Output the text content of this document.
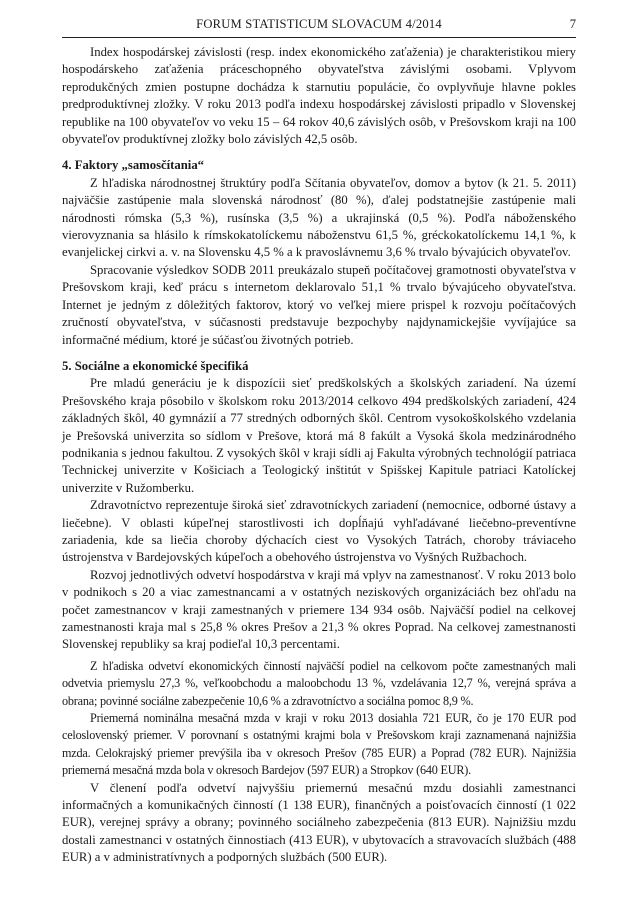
FORUM STATISTICUM SLOVACUM 4/2014	7

Index hospodárskej závislosti (resp. index ekonomického zaťaženia) je charakteristikou miery hospodárskeho zaťaženia práceschopného obyvateľstva závislými osobami. Vplyvom reprodukčných zmien postupne dochádza k starnutiu populácie, čo ovplyvňuje hlavne pokles predproduktívnej zložky. V roku 2013 podľa indexu hospodárskej závislosti pripadlo v Slovenskej republike na 100 obyvateľov vo veku 15 – 64 rokov 40,6 závislých osôb, v Prešovskom kraji na 100 obyvateľov produktívnej zložky bolo závislých 42,5 osôb.

4. Faktory „samosčítania“

Z hľadiska národnostnej štruktúry podľa Sčítania obyvateľov, domov a bytov (k 21. 5. 2011) najväčšie zastúpenie mala slovenská národnosť (80 %), ďalej podstatnejšie zastúpenie mali národnosti rómska (5,3 %), rusínska (3,5 %) a ukrajinská (0,5 %). Podľa náboženského vierovyznania sa hlásilo k rímskokatolíckemu náboženstvu 61,5 %, gréckokatolíckemu 14,1 %, k evanjelickej cirkvi a. v. na Slovensku 4,5 % a k pravoslávnemu 3,6 % trvalo bývajúcich obyvateľov.

Spracovanie výsledkov SODB 2011 preukázalo stupeň počítačovej gramotnosti obyvateľstva v Prešovskom kraji, keď prácu s internetom deklarovalo 51,1 % trvalo bývajúceho obyvateľstva. Internet je jedným z dôležitých faktorov, ktorý vo veľkej miere prispel k rozvoju počítačových zručností obyvateľstva, v súčasnosti predstavuje bezpochyby najdynamickejšie vyvíjajúce sa informačné médium, ktoré je súčasťou životných potrieb.

5. Sociálne a ekonomické špecifiká

Pre mladú generáciu je k dispozícii sieť predškolských a školských zariadení. Na území Prešovského kraja pôsobilo v školskom roku 2013/2014 celkovo 494 predškolských zariadení, 424 základných škôl, 40 gymnázií a 77 stredných odborných škôl. Centrom vysokoškolského vzdelania je Prešovská univerzita so sídlom v Prešove, ktorá má 8 fakúlt a Vysoká škola medzinárodného podnikania s jednou fakultou. Z vysokých škôl v kraji sídli aj Fakulta výrobných technológií patriaca Technickej univerzite v Košiciach a Teologický inštitút v Spišskej Kapitule patriaci Katolíckej univerzite v Ružomberku.

Zdravotníctvo reprezentuje široká sieť zdravotníckych zariadení (nemocnice, odborné ústavy a liečebne). V oblasti kúpeľnej starostlivosti ich dopĺňajú vyhľadávané liečebno-preventívne zariadenia, kde sa liečia choroby dýchacích ciest vo Vysokých Tatrách, choroby tráviaceho ústrojenstva v Bardejovských kúpeľoch a obehového ústrojenstva vo Vyšných Ružbachoch.

Rozvoj jednotlivých odvetví hospodárstva v kraji má vplyv na zamestnanosť. V roku 2013 bolo v podnikoch s 20 a viac zamestnancami a v ostatných neziskových organizáciách bez ohľadu na počet zamestnancov v kraji zamestnaných v priemere 134 934 osôb. Najväčší podiel na celkovej zamestnanosti kraja mal s 25,8 % okres Prešov a 21,3 % okres Poprad. Na celkovej zamestnanosti Slovenskej republiky sa kraj podieľal 10,3 percentami.

Z hľadiska odvetví ekonomických činností najväčší podiel na celkovom počte zamestnaných mali odvetvia priemyslu 27,3 %, veľkoobchodu a maloobchodu 13 %, vzdelávania 12,7 %, verejná správa a obrana; povinné sociálne zabezpečenie 10,6 % a zdravotníctvo a sociálna pomoc 8,9 %.

Priemerná nominálna mesačná mzda v kraji v roku 2013 dosiahla 721 EUR, čo je 170 EUR pod celoslovenský priemer. V porovnaní s ostatnými krajmi bola v Prešovskom kraji zaznamenaná najnižšia mzda. Celokrajský priemer prevýšila iba v okresoch Prešov (785 EUR) a Poprad (782 EUR). Najnižšia priemerná mesačná mzda bola v okresoch Bardejov (597 EUR) a Stropkov (640 EUR).

V členení podľa odvetví najvyššiu priemernú mesačnú mzdu dosiahli zamestnanci informačných a komunikačných činností (1 138 EUR), finančných a poisťovacích činností (1 022 EUR), verejnej správy a obrany; povinného sociálneho zabezpečenia (813 EUR). Najnižšiu mzdu dostali zamestnanci v ostatných činnostiach (413 EUR), v ubytovacích a stravovacích službách (488 EUR) a v administratívnych a podporných službách (500 EUR).
